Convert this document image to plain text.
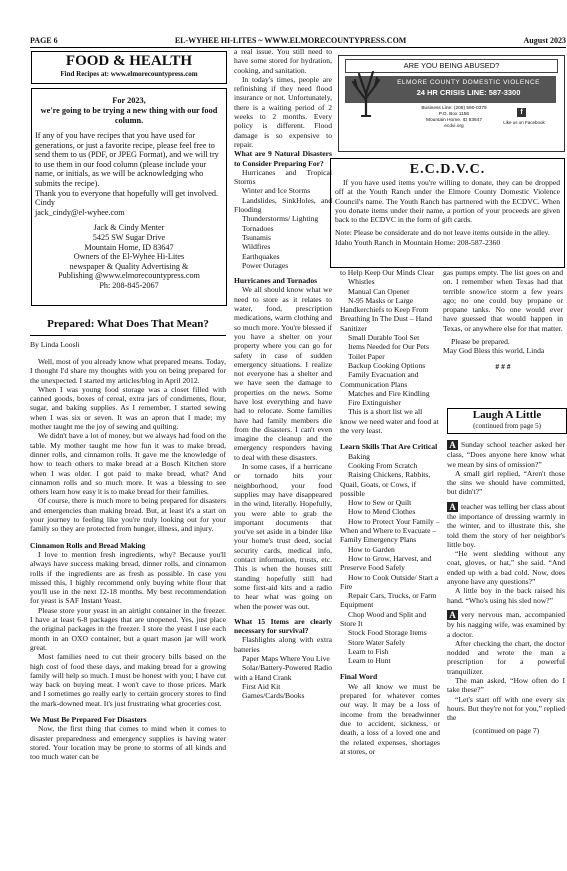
PAGE 6	EL-WYHEE HI-LITES ~ WWW.ELMORECOUNTYPRESS.COM	August 2023
FOOD & HEALTH
Find Recipes at: www.elmorecountypress.com
For 2023,
we're going to be trying a new thing with our food column.
If any of you have recipes that you have used for generations, or just a favorite recipe, please feel free to send them to us (PDF, or JPEG Format), and we will try to use them in our food column (please include your name, or initials, as we will be acknowledging who submits the recipe).
Thank you to everyone that hopefully will get involved.
Cindy
jack_cindy@el-wyhee.com
Jack & Cindy Menter
5425 SW Sugar Drive
Mountain Home, ID 83647
Owners of the El-Wyhee Hi-Lites
newspaper & Quality Advertising &
Publishing @www.elmorecountypress.com
Ph: 208-845-2067
Prepared: What Does That Mean?
By Linda Loosli

Well, most of you already know what prepared means. Today, I thought I'd share my thoughts with you on being prepared for the unexpected. I started my articles/blog in April 2012.

When I was young food storage was a closet filled with canned goods, boxes of cereal, extra jars of condiments, flour, sugar, and baking supplies. As I remember, I started sewing when I was six or seven. It was an apron that I made; my mother taught me the joy of sewing and quilting.

We didn't have a lot of money, but we always had food on the table. My mother taught me how fun it was to make bread, dinner rolls, and cinnamon rolls. It gave me the knowledge of how to teach others to make bread at a Bosch Kitchen store when I was older. I got paid to make bread, what? And cinnamon rolls and so much more. It was a blessing to see others learn how easy it is to make bread for their families.

Of course, there is much more to being prepared for disasters and emergencies than making bread. But, at least it's a start on your journey to feeling like you're truly looking out for your family so they are protected from hunger, illness, and injury.

Cinnamon Rolls and Bread Making

I love to mention fresh ingredients, why? Because you'll always have success making bread, dinner rolls, and cinnamon rolls if the ingredients are as fresh as possible. In case you missed this, I highly recommend only buying white flour that you'll use in the next 12-18 months. My best recommendation for yeast is SAF Instant Yeast.

Please store your yeast in an airtight container in the freezer. I have at least 6-8 packages that are unopened. Yes, just place the original packages in the freezer. I store the yeast I use each month in an OXO container, but a quart mason jar will work great.

Most families need to cut their grocery bills based on the high cost of food these days, and making bread for a growing family will help so much. I must be honest with you; I have cut way back on buying meat. I won't cave to those prices. Mark and I sometimes go really early to certain grocery stores to find the mark-downed meat. It's just frustrating what groceries cost.

We Must Be Prepared For Disasters

Now, the first thing that comes to mind when it comes to disaster preparedness and emergency supplies is having water stored. Your location may be prone to storms of all kinds and too much water can be

a real issue. You still need to have some stored for hydration, cooking, and sanitation.

In today's times, people are refinishing if they need flood insurance or not. Unfortunately, there is a waiting period of 2 weeks to 2 months. Every policy is different. Flood damage is so expensive to repair.

What are 9 Natural Disasters to Consider Preparing For?

Hurricanes and Tropical Storms

Winter and Ice Storms

Landslides, SinkHoles, and Flooding

Thunderstorms/ Lighting

Tornadoes

Tsunamis

Wildfires

Earthquakes

Power Outages

Hurricanes and Tornados

We all should know what we need to store as it relates to water, food, prescription medications, warm clothing and so much more. You're blessed if you have a shelter on your property where you can go for safety in case of sudden emergency situations. I realize not everyone has a shelter and we have seen the damage to properties on the news. Some have lost everything and have had to relocate. Some families have had family members die from the disasters. I can't even imagine the cleanup and the emergency responders having to deal with these disasters.

In some cases, if a hurricane or tornado hits your neighborhood, your food supplies may have disappeared in the wind, literally. Hopefully, you were able to grab the important documents that you've set aside in a binder like your home's trust deed, social security cards, medical info, contact information, trusts, etc. This is when the houses still standing hopefully still had some first-aid kits and a radio to hear what was going on when the power was out.

What 15 Items are clearly necessary for survival?

Flashlights along with extra batteries

Paper Maps Where You Live

Solar/Battery-Powered Radio with a Hand Crank

First Aid Kit

Games/Cards/Books

ARE YOU BEING ABUSED?
ELMORE COUNTY DOMESTIC VIOLENCE
24 HR CRISIS LINE: 587-3300
Business Line: (208) 590-0379
P.O. Box 1156
Mountain Home, ID 83647
ecdvi.org
f
Like us on Facebook
E.C.D.V.C.
If you have used items you're willing to donate, they can be dropped off at the Youth Ranch under the Elmore County Domestic Violence Council's name. The Youth Ranch has partnered with the ECDVC. When you donate items under their name, a portion of your proceeds are given back to the ECDVC in the form of gift cards.
Note: Please be considerate and do not leave items outside in the alley.
Idaho Youth Ranch in Mountain Home: 208-587-2360

to Help Keep Our Minds Clear

Whistles

Manual Can Opener

N-95 Masks or Large Handkerchiefs to Keep From Breathing In The Dust – Hand Sanitizer

Small Durable Tool Set

Items Needed for Our Pets

Toilet Paper

Backup Cooking Options

Family Evacuation and Communication Plans

Matches and Fire Kindling

Fire Extinguisher

This is a short list we all know we need water and food at the very least.

Learn Skills That Are Critical

Baking

Cooking From Scratch

Raising Chickens, Rabbits, Quail, Goats, or Cows, if possible

How to Sew or Quilt

How to Mend Clothes

How to Protect Your Family – When and Where to Evacuate – Family Emergency Plans

How to Garden

How to Grow, Harvest, and Preserve Food Safely

How to Cook Outside/ Start a Fire

Repair Cars, Trucks, or Farm Equipment

Chop Wood and Split and Store It

Stock Food Storage Items

Store Water Safely

Learn to Fish

Learn to Hunt

Final Word

We all know we must be prepared for whatever comes our way. It may be a loss of income from the breadwinner due to accident, sickness, or death, a loss of a loved one and the related expenses, shortages at stores, or

gas pumps empty. The list goes on and on. I remember when Texas had that terrible snow/ice storm a few years ago; no one could buy propane or propane tanks. No one would ever have guessed that would happen in Texas, or anywhere else for that matter.

Please be prepared.

May God Bless this world, Linda

# # #

Laugh A Little
(continued from page 5)

A Sunday school teacher asked her class, “Does anyone here know what we mean by sins of omission?”

A small girl replied, “Aren't those the sins we should have committed, but didn't?”

A teacher was telling her class about the importance of dressing warmly in the winter, and to illustrate this, she told them the story of her neighbor's little boy.

“He went sledding without any coat, gloves, or hat,” she said. “And ended up with a bad cold. Now, does anyone have any questions?”

A little boy in the back raised his hand. “Who's using his sled now?”

A very nervous man, accompanied by his nagging wife, was examined by a doctor.

After checking the chart, the doctor nodded and wrote the man a prescription for a powerful tranquilizer.

The man asked, “How often do I take these?”

“Let's start off with one every six hours. But they're not for you,” replied the

(continued on page 7)
